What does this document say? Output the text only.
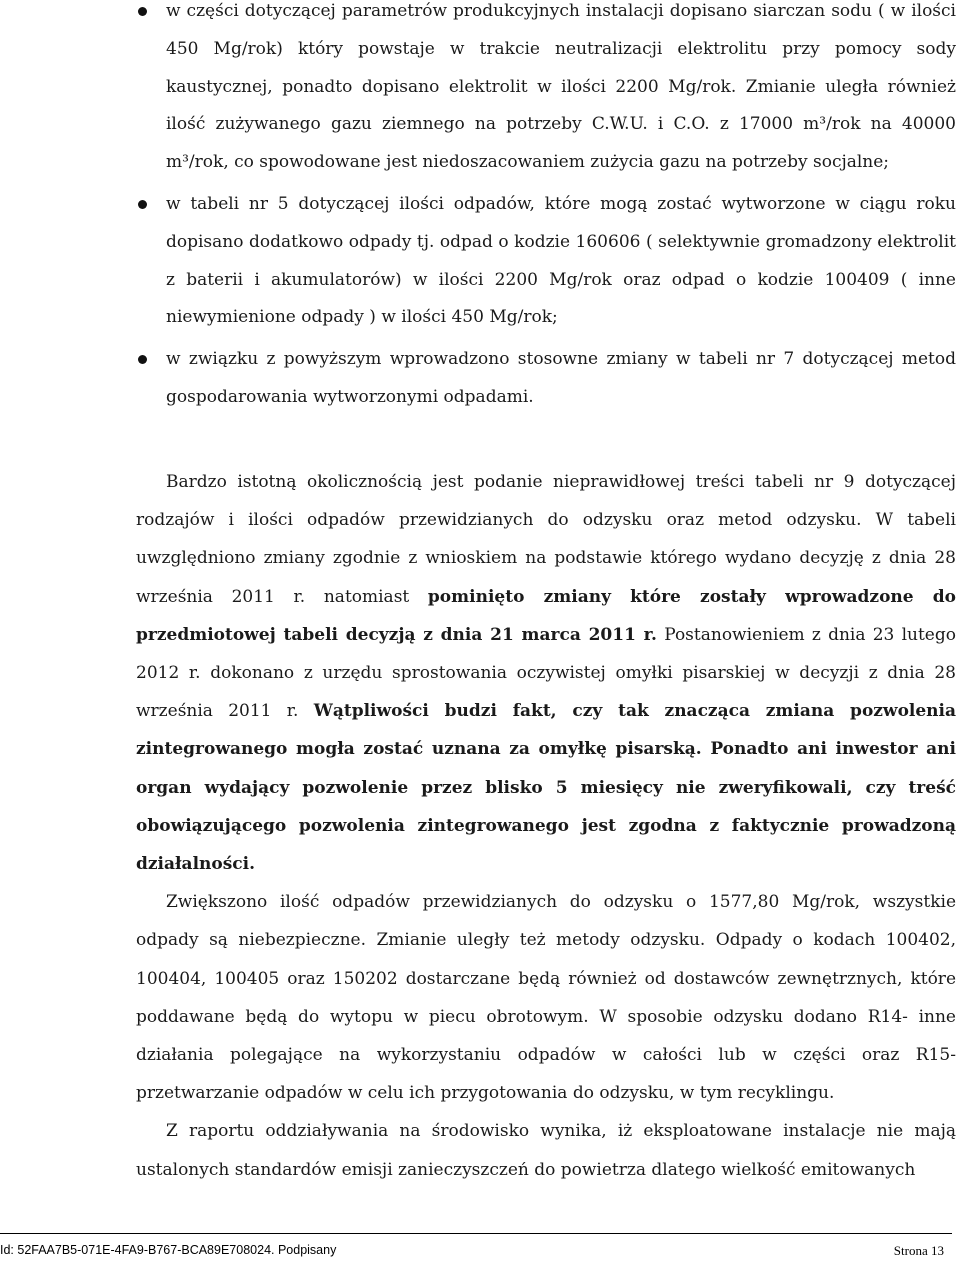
w części dotyczącej parametrów produkcyjnych instalacji dopisano siarczan sodu ( w ilości 450 Mg/rok) który powstaje w trakcie neutralizacji elektrolitu przy pomocy sody kaustycznej, ponadto dopisano elektrolit w ilości 2200 Mg/rok. Zmianie uległa również ilość zużywanego gazu ziemnego na potrzeby C.W.U. i C.O. z 17000 m³/rok na 40000 m³/rok, co spowodowane jest niedoszacowaniem zużycia gazu na potrzeby socjalne;
w tabeli nr 5 dotyczącej ilości odpadów, które mogą zostać wytworzone w ciągu roku dopisano dodatkowo odpady tj. odpad o kodzie 160606 ( selektywnie gromadzony elektrolit z baterii i akumulatorów) w ilości 2200 Mg/rok oraz odpad o kodzie 100409 ( inne niewymienione odpady ) w ilości 450 Mg/rok;
w związku z powyższym wprowadzono stosowne zmiany w tabeli nr 7 dotyczącej metod gospodarowania wytworzonymi odpadami.

Bardzo istotną okolicznością jest podanie nieprawidłowej treści tabeli nr 9 dotyczącej rodzajów i ilości odpadów przewidzianych do odzysku oraz metod odzysku. W tabeli uwzględniono zmiany zgodnie z wnioskiem na podstawie którego wydano decyzję z dnia 28 września 2011 r. natomiast pominięto zmiany które zostały wprowadzone do przedmiotowej tabeli decyzją z dnia 21 marca 2011 r. Postanowieniem z dnia 23 lutego 2012 r. dokonano z urzędu sprostowania oczywistej omyłki pisarskiej w decyzji z dnia 28 września 2011 r. Wątpliwości budzi fakt, czy tak znacząca zmiana pozwolenia zintegrowanego mogła zostać uznana za omyłkę pisarską. Ponadto ani inwestor ani organ wydający pozwolenie przez blisko 5 miesięcy nie zweryfikowali, czy treść obowiązującego pozwolenia zintegrowanego jest zgodna z faktycznie prowadzoną działalności.

Zwiększono ilość odpadów przewidzianych do odzysku o 1577,80 Mg/rok, wszystkie odpady są niebezpieczne. Zmianie uległy też metody odzysku. Odpady o kodach 100402, 100404, 100405 oraz 150202 dostarczane będą również od dostawców zewnętrznych, które poddawane będą do wytopu w piecu obrotowym. W sposobie odzysku dodano R14- inne działania polegające na wykorzystaniu odpadów w całości lub w części oraz R15- przetwarzanie odpadów w celu ich przygotowania do odzysku, w tym recyklingu.

Z raportu oddziaływania na środowisko wynika, iż eksploatowane instalacje nie mają ustalonych standardów emisji zanieczyszczeń do powietrza dlatego wielkość emitowanych

Id: 52FAA7B5-071E-4FA9-B767-BCA89E708024. Podpisany	Strona 13
